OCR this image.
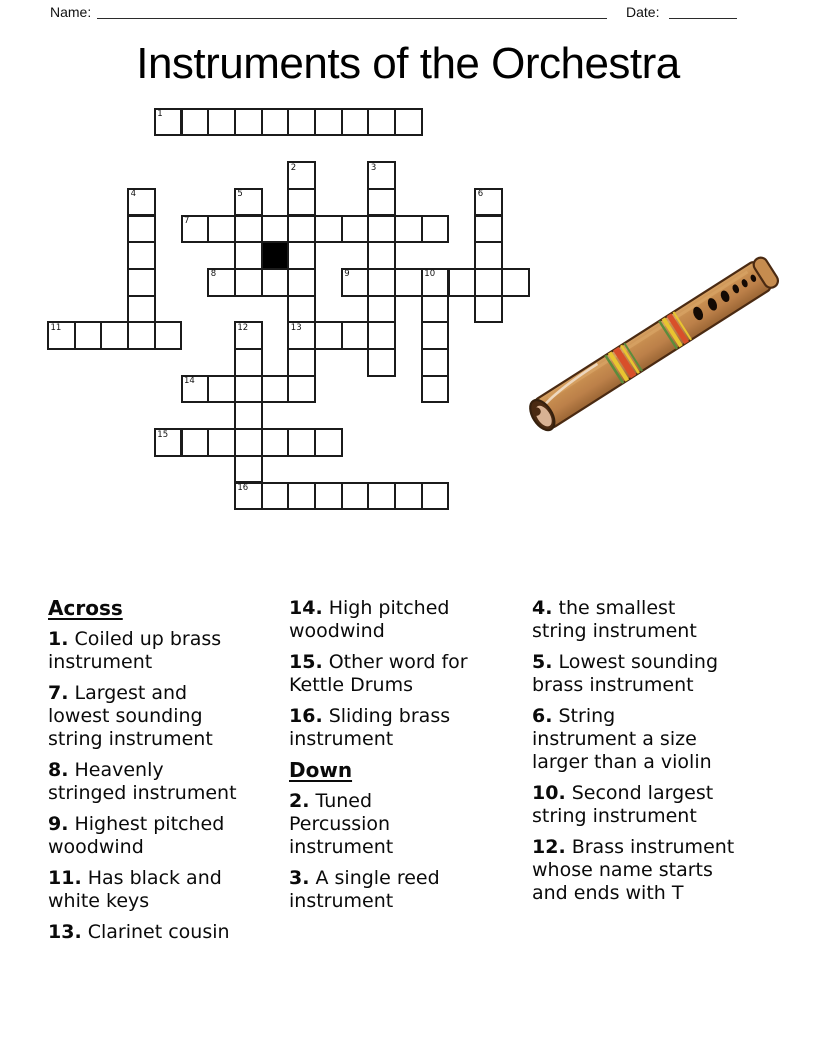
Name:	Date:
Instruments of the Orchestra
1
2	3
4	5	6
7
8	9	10
11	12	13
14
15
16
Across

1. Coiled up brass
instrument

7. Largest and
lowest sounding
string instrument

8. Heavenly
stringed instrument

9. Highest pitched
woodwind

11. Has black and
white keys

13. Clarinet cousin

14. High pitched
woodwind

15. Other word for
Kettle Drums

16. Sliding brass
instrument

Down

2. Tuned
Percussion
instrument

3. A single reed
instrument

4. the smallest
string instrument

5. Lowest sounding
brass instrument

6. String
instrument a size
larger than a violin

10. Second largest
string instrument

12. Brass instrument
whose name starts
and ends with T
